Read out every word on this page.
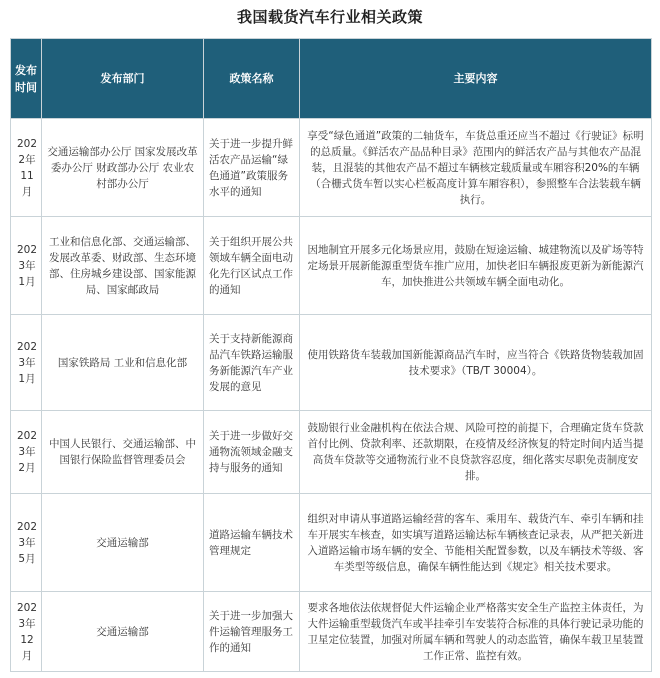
我国载货汽车行业相关政策
发布时间	发布部门	政策名称	主要内容
2022年11月	交通运输部办公厅 国家发展改革委办公厅 财政部办公厅 农业农村部办公厅	关于进一步提升鲜活农产品运输“绿色通道”政策服务水平的通知	享受“绿色通道”政策的二轴货车，车货总重还应当不超过《行驶证》标明的总质量。《鲜活农产品品种目录》范围内的鲜活农产品与其他农产品混装，且混装的其他农产品不超过车辆核定载质量或车厢容积20%的车辆（合栅式货车暂以实心栏板高度计算车厢容积），参照整车合法装载车辆执行。
2023年1月	工业和信息化部、交通运输部、发展改革委、财政部、生态环境部、住房城乡建设部、国家能源局、国家邮政局	关于组织开展公共领域车辆全面电动化先行区试点工作的通知	因地制宜开展多元化场景应用，鼓励在短途运输、城建物流以及矿场等特定场景开展新能源重型货车推广应用，加快老旧车辆报废更新为新能源汽车，加快推进公共领域车辆全面电动化。
2023年1月	国家铁路局 工业和信息化部	关于支持新能源商品汽车铁路运输服务新能源汽车产业发展的意见	使用铁路货车装载加国新能源商品汽车时，应当符合《铁路货物装载加固技术要求》（TB/T 30004）。
2023年2月	中国人民银行、交通运输部、中国银行保险监督管理委员会	关于进一步做好交通物流领域金融支持与服务的通知	鼓励银行业金融机构在依法合规、风险可控的前提下，合理确定货车贷款首付比例、贷款利率、还款期限，在疫情及经济恢复的特定时间内适当提高货车贷款等交通物流行业不良贷款容忍度，细化落实尽职免责制度安排。
2023年5月	交通运输部	道路运输车辆技术管理规定	组织对申请从事道路运输经营的客车、乘用车、载货汽车、牵引车辆和挂车开展实车核查，如实填写道路运输达标车辆核查记录表，从严把关新进入道路运输市场车辆的安全、节能相关配置参数，以及车辆技术等级、客车类型等级信息，确保车辆性能达到《规定》相关技术要求。
2023年12月	交通运输部	关于进一步加强大件运输管理服务工作的通知	要求各地依法依规督促大件运输企业严格落实安全生产监控主体责任，为大件运输重型载货汽车或半挂牵引车安装符合标准的具体行驶记录功能的卫星定位装置，加强对所属车辆和驾驶人的动态监管，确保车载卫星装置工作正常、监控有效。
